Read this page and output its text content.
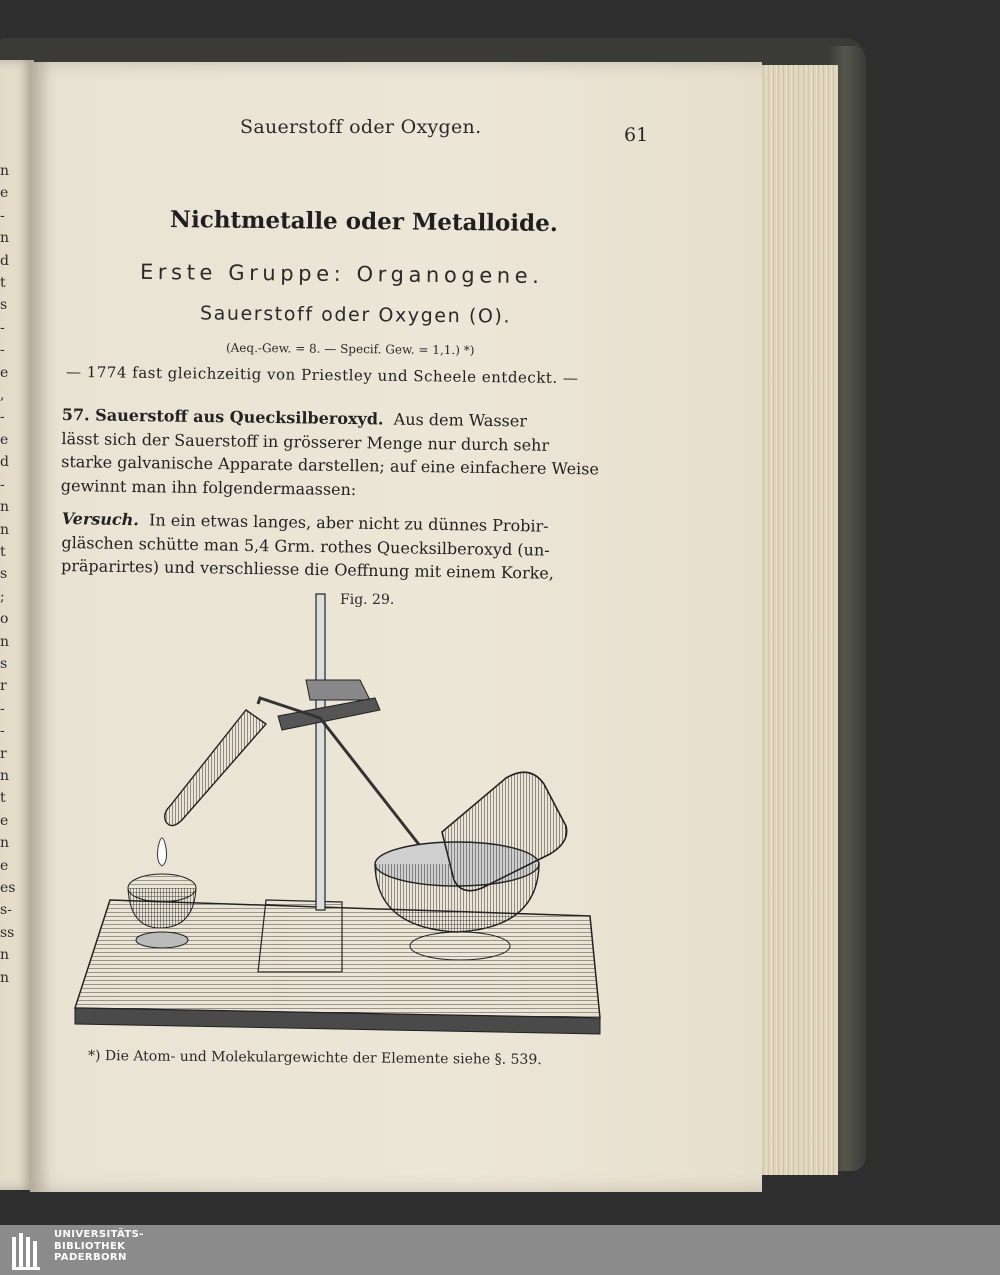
n
e
-
n
d
t
s
-
-
e
,
-
e
d
-
n
n
t
s
;
o
n
s
r
-
-
r
n
t
e
n
e
es
s-
ss
n
n
Sauerstoff oder Oxygen.	61
Nichtmetalle oder Metalloide.
Erste Gruppe: Organogene.
Sauerstoff oder Oxygen (O).
(Aeq.-Gew. = 8. — Specif. Gew. = 1,1.) *)
— 1774 fast gleichzeitig von Priestley und Scheele entdeckt. —
57. Sauerstoff aus Quecksilberoxyd. Aus dem Wasser
lässt sich der Sauerstoff in grösserer Menge nur durch sehr
starke galvanische Apparate darstellen; auf eine einfachere Weise
gewinnt man ihn folgendermaassen:
Versuch. In ein etwas langes, aber nicht zu dünnes Probir-
gläschen schütte man 5,4 Grm. rothes Quecksilberoxyd (un-
präparirtes) und verschliesse die Oeffnung mit einem Korke,
Fig. 29.
*) Die Atom- und Molekulargewichte der Elemente siehe §. 539.
UNIVERSITÄTS-
BIBLIOTHEK
PADERBORN
